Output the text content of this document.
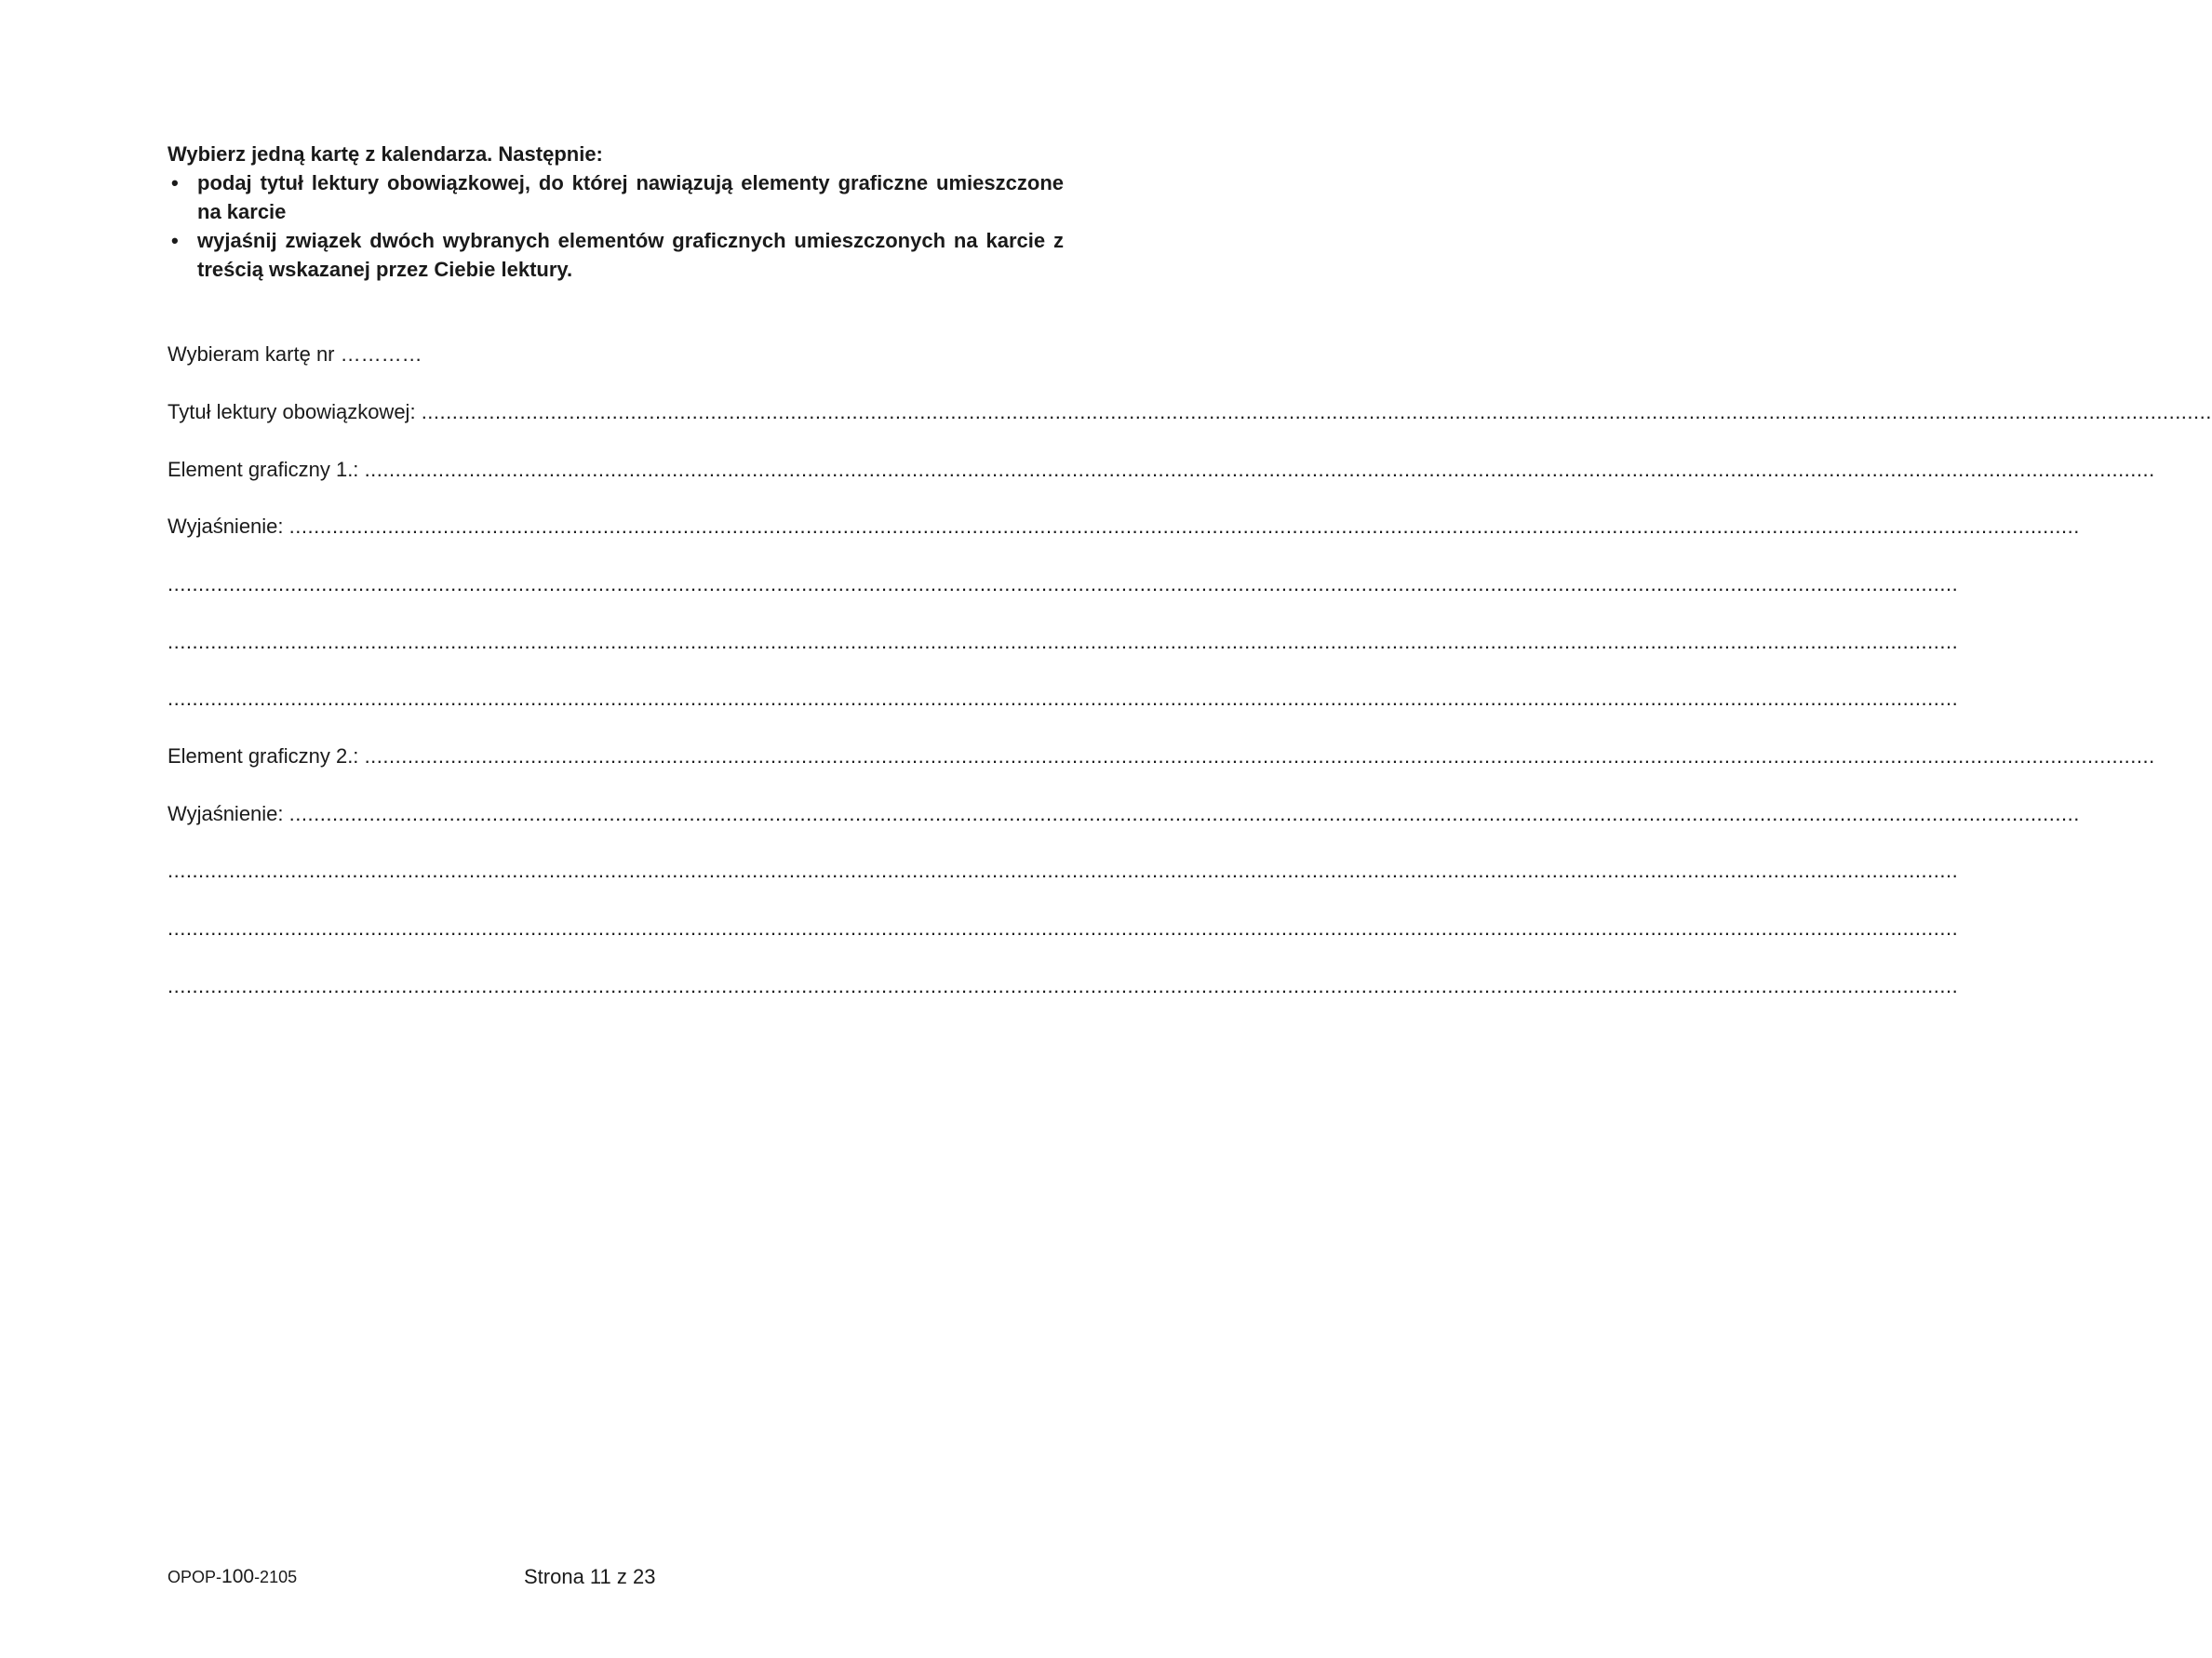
Wybierz jedną kartę z kalendarza. Następnie:
• podaj tytuł lektury obowiązkowej, do której nawiązują elementy graficzne umieszczone na karcie
• wyjaśnij związek dwóch wybranych elementów graficznych umieszczonych na karcie z treścią wskazanej przez Ciebie lektury.
Wybieram kartę nr …………
Tytuł lektury obowiązkowej: ...................................................................................................................................................................................................................................................................................................
Element graficzny 1.: ...................................................................................................................................................................................................................................................................................................
Wyjaśnienie: ...................................................................................................................................................................................................................................................................................................
...................................................................................................................................................................................................................................................................................................
...................................................................................................................................................................................................................................................................................................
...................................................................................................................................................................................................................................................................................................
Element graficzny 2.: ...................................................................................................................................................................................................................................................................................................
Wyjaśnienie: ...................................................................................................................................................................................................................................................................................................
...................................................................................................................................................................................................................................................................................................
...................................................................................................................................................................................................................................................................................................
...................................................................................................................................................................................................................................................................................................
OPOP-100-2105	Strona 11 z 23
